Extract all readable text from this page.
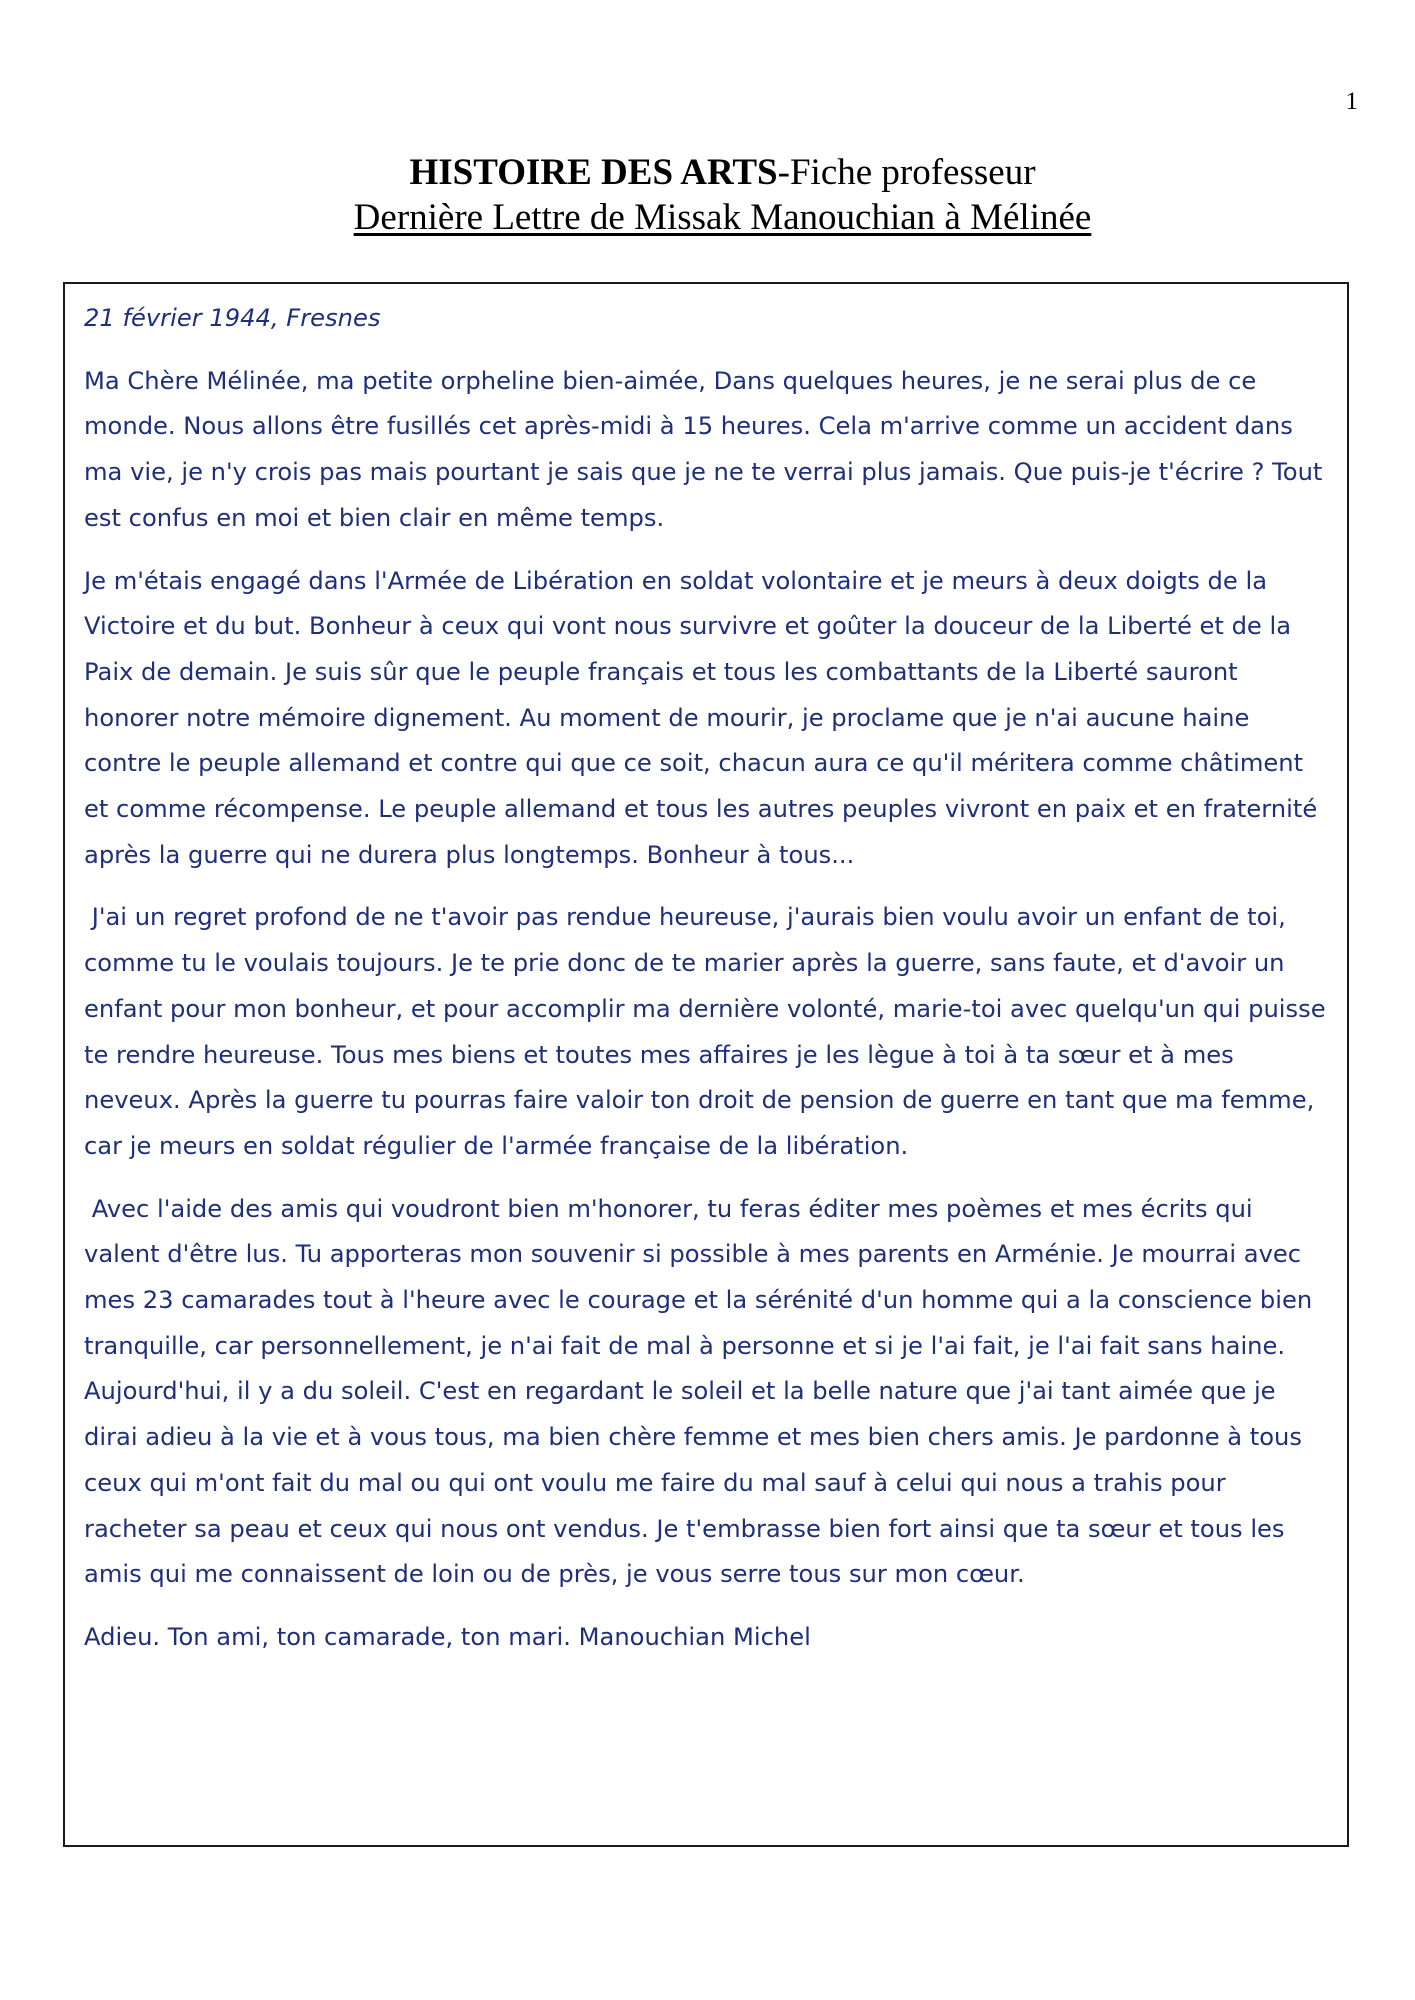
1
HISTOIRE DES ARTS-Fiche professeur
Dernière Lettre de Missak Manouchian à Mélinée

21 février 1944, Fresnes

Ma Chère Mélinée, ma petite orpheline bien-aimée, Dans quelques heures, je ne serai plus de ce monde. Nous allons être fusillés cet après-midi à 15 heures. Cela m'arrive comme un accident dans ma vie, je n'y crois pas mais pourtant je sais que je ne te verrai plus jamais. Que puis-je t'écrire ? Tout est confus en moi et bien clair en même temps.

Je m'étais engagé dans l'Armée de Libération en soldat volontaire et je meurs à deux doigts de la Victoire et du but. Bonheur à ceux qui vont nous survivre et goûter la douceur de la Liberté et de la Paix de demain. Je suis sûr que le peuple français et tous les combattants de la Liberté sauront honorer notre mémoire dignement. Au moment de mourir, je proclame que je n'ai aucune haine contre le peuple allemand et contre qui que ce soit, chacun aura ce qu'il méritera comme châtiment et comme récompense. Le peuple allemand et tous les autres peuples vivront en paix et en fraternité après la guerre qui ne durera plus longtemps. Bonheur à tous...

J'ai un regret profond de ne t'avoir pas rendue heureuse, j'aurais bien voulu avoir un enfant de toi, comme tu le voulais toujours. Je te prie donc de te marier après la guerre, sans faute, et d'avoir un enfant pour mon bonheur, et pour accomplir ma dernière volonté, marie-toi avec quelqu'un qui puisse te rendre heureuse. Tous mes biens et toutes mes affaires je les lègue à toi à ta sœur et à mes neveux. Après la guerre tu pourras faire valoir ton droit de pension de guerre en tant que ma femme, car je meurs en soldat régulier de l'armée française de la libération.

Avec l'aide des amis qui voudront bien m'honorer, tu feras éditer mes poèmes et mes écrits qui valent d'être lus. Tu apporteras mon souvenir si possible à mes parents en Arménie. Je mourrai avec mes 23 camarades tout à l'heure avec le courage et la sérénité d'un homme qui a la conscience bien tranquille, car personnellement, je n'ai fait de mal à personne et si je l'ai fait, je l'ai fait sans haine. Aujourd'hui, il y a du soleil. C'est en regardant le soleil et la belle nature que j'ai tant aimée que je dirai adieu à la vie et à vous tous, ma bien chère femme et mes bien chers amis. Je pardonne à tous ceux qui m'ont fait du mal ou qui ont voulu me faire du mal sauf à celui qui nous a trahis pour racheter sa peau et ceux qui nous ont vendus. Je t'embrasse bien fort ainsi que ta sœur et tous les amis qui me connaissent de loin ou de près, je vous serre tous sur mon cœur.

Adieu. Ton ami, ton camarade, ton mari. Manouchian Michel
